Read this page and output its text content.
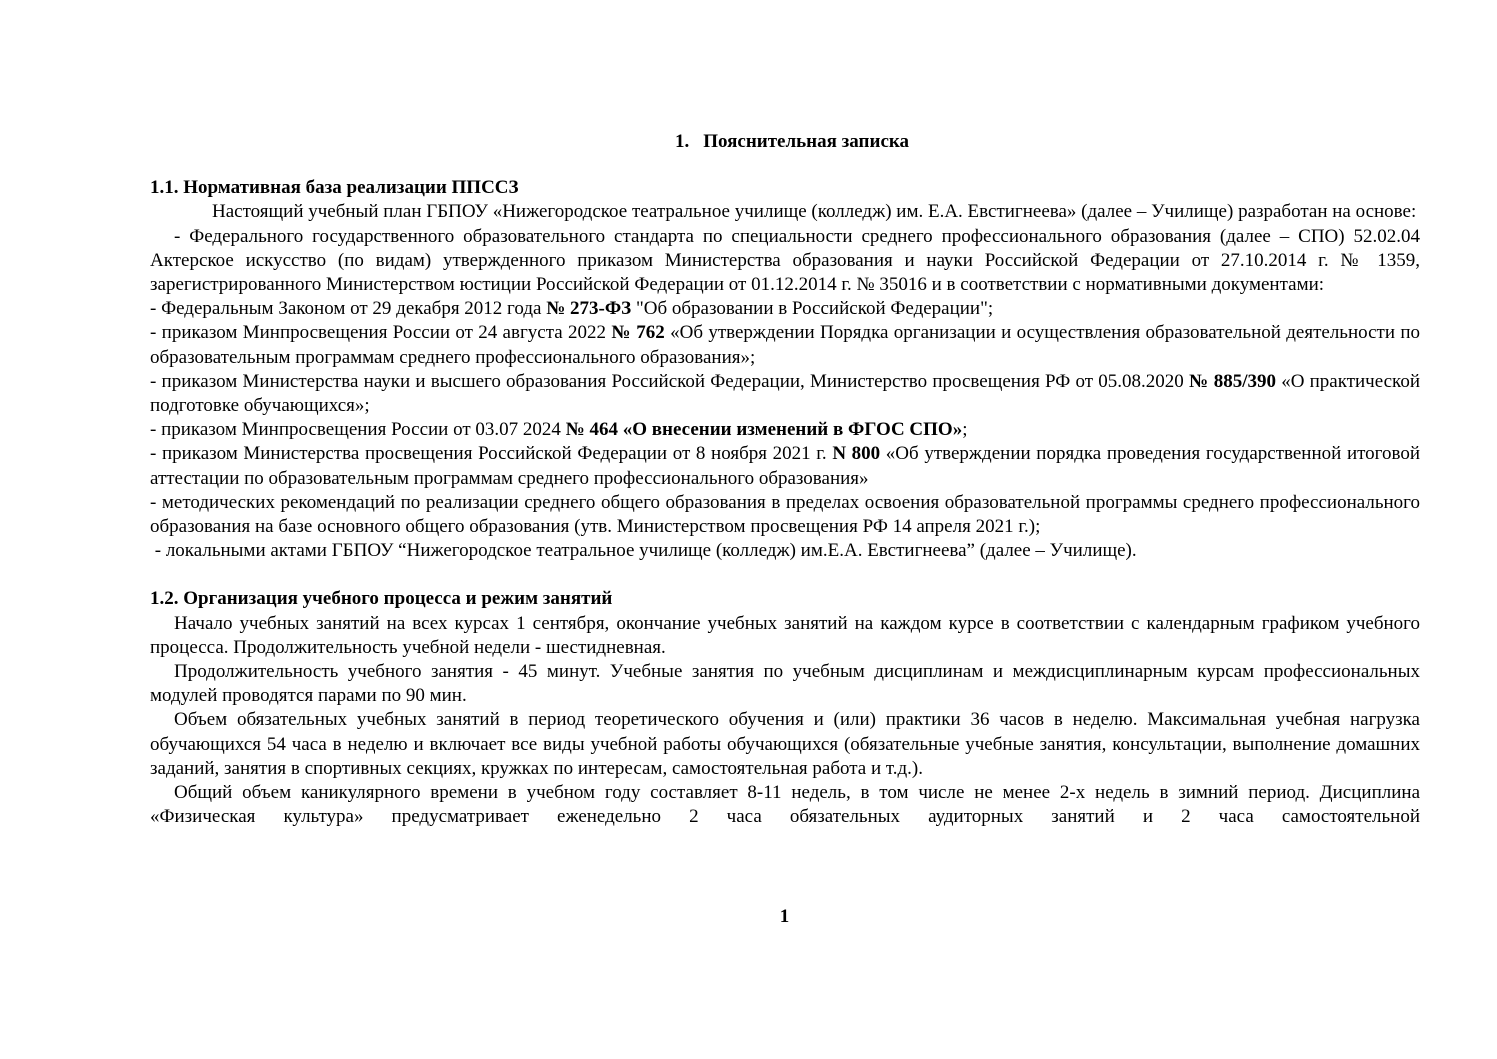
1. Пояснительная записка

1.1. Нормативная база реализации ППССЗ

Настоящий учебный план ГБПОУ «Нижегородское театральное училище (колледж) им. Е.А. Евстигнеева» (далее – Училище) разработан на основе:

- Федерального государственного образовательного стандарта по специальности среднего профессионального образования (далее – СПО) 52.02.04 Актерское искусство (по видам) утвержденного приказом Министерства образования и науки Российской Федерации от 27.10.2014 г. № 1359, зарегистрированного Министерством юстиции Российской Федерации от 01.12.2014 г. № 35016 и в соответствии с нормативными документами:

- Федеральным Законом от 29 декабря 2012 года № 273-ФЗ "Об образовании в Российской Федерации";

- приказом Минпросвещения России от 24 августа 2022 № 762 «Об утверждении Порядка организации и осуществления образовательной деятельности по образовательным программам среднего профессионального образования»;

- приказом Министерства науки и высшего образования Российской Федерации, Министерство просвещения РФ от 05.08.2020 № 885/390 «О практической подготовке обучающихся»;

- приказом Минпросвещения России от 03.07 2024 № 464 «О внесении изменений в ФГОС СПО»;

- приказом Министерства просвещения Российской Федерации от 8 ноября 2021 г. N 800 «Об утверждении порядка проведения государственной итоговой аттестации по образовательным программам среднего профессионального образования»

- методических рекомендаций по реализации среднего общего образования в пределах освоения образовательной программы среднего профессионального образования на базе основного общего образования (утв. Министерством просвещения РФ 14 апреля 2021 г.);

- локальными актами ГБПОУ “Нижегородское театральное училище (колледж) им.Е.А. Евстигнеева” (далее – Училище).

1.2. Организация учебного процесса и режим занятий

Начало учебных занятий на всех курсах 1 сентября, окончание учебных занятий на каждом курсе в соответствии с календарным графиком учебного процесса. Продолжительность учебной недели - шестидневная.

Продолжительность учебного занятия - 45 минут. Учебные занятия по учебным дисциплинам и междисциплинарным курсам профессиональных модулей проводятся парами по 90 мин.

Объем обязательных учебных занятий в период теоретического обучения и (или) практики 36 часов в неделю. Максимальная учебная нагрузка обучающихся 54 часа в неделю и включает все виды учебной работы обучающихся (обязательные учебные занятия, консультации, выполнение домашних заданий, занятия в спортивных секциях, кружках по интересам, самостоятельная работа и т.д.).

Общий объем каникулярного времени в учебном году составляет 8-11 недель, в том числе не менее 2-х недель в зимний период. Дисциплина «Физическая культура» предусматривает еженедельно 2 часа обязательных аудиторных занятий и 2 часа самостоятельной

1
